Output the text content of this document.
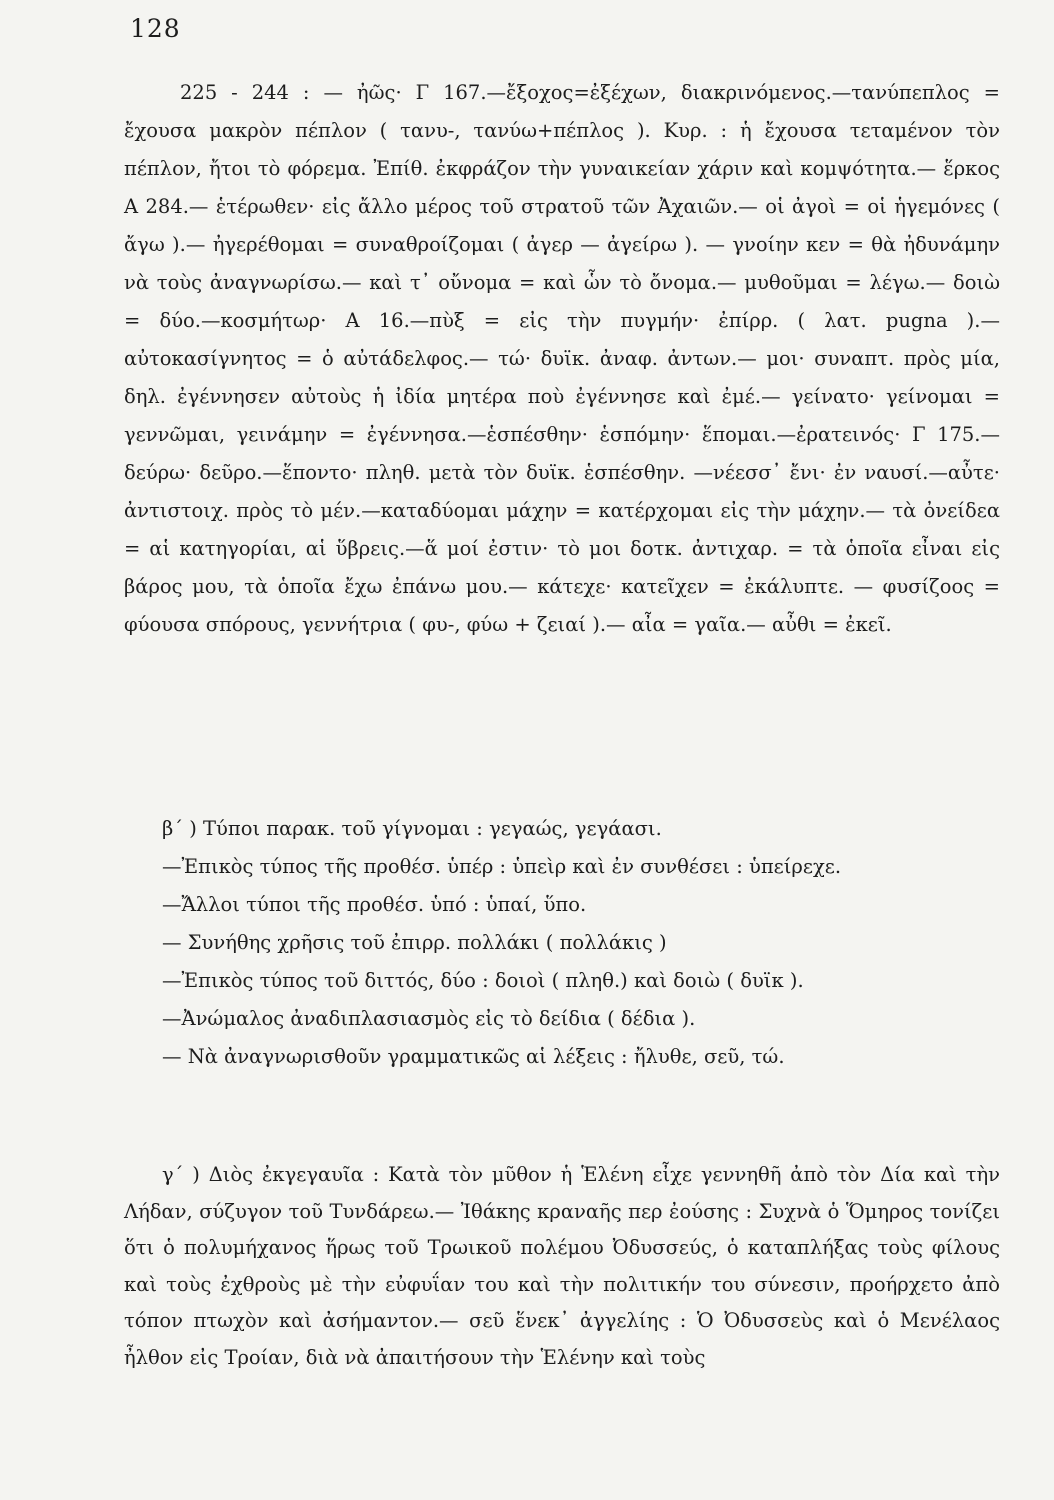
128

225 - 244 : — ἠῶς· Γ 167.—ἔξοχος=ἐξέχων, διακρινόμενος.—τανύπεπλος = ἔχουσα μακρὸν πέπλον ( τανυ-, τανύω+πέπλος ). Κυρ. : ἡ ἔχουσα τεταμένον τὸν πέπλον, ἤτοι τὸ φόρεμα. Ἐπίθ. ἐκφράζον τὴν γυναικείαν χάριν καὶ κομψότητα.— ἕρκος Α 284.— ἑτέρωθεν· εἰς ἄλλο μέρος τοῦ στρατοῦ τῶν Ἀχαιῶν.— οἱ ἀγοὶ = οἱ ἡγεμόνες ( ἄγω ).— ἠγερέθομαι = συναθροίζομαι ( ἀγερ — ἀγείρω ). — γνοίην κεν = θὰ ἠδυνάμην νὰ τοὺς ἀναγνωρίσω.— καὶ τ᾽ οὔνομα = καὶ ὧν τὸ ὄνομα.— μυθοῦμαι = λέγω.— δοιὼ = δύο.—κοσμήτωρ· Α 16.—πὺξ = εἰς τὴν πυγμήν· ἐπίρρ. ( λατ. pugna ).— αὐτοκασίγνητος = ὁ αὐτάδελφος.— τώ· δυϊκ. ἀναφ. ἀντων.— μοι· συναπτ. πρὸς μία, δηλ. ἐγέννησεν αὐτοὺς ἡ ἰδία μητέρα ποὺ ἐγέννησε καὶ ἐμέ.— γείνατο· γείνομαι = γεννῶμαι, γεινάμην = ἐγέννησα.—ἑσπέσθην· ἑσπόμην· ἕπομαι.—ἐρατεινός· Γ 175.—δεύρω· δεῦρο.—ἕποντο· πληθ. μετὰ τὸν δυϊκ. ἑσπέσθην. —νέεσσ᾽ ἔνι· ἐν ναυσί.—αὖτε· ἀντιστοιχ. πρὸς τὸ μέν.—καταδύομαι μάχην = κατέρχομαι εἰς τὴν μάχην.— τὰ ὀνείδεα = αἱ κατηγορίαι, αἱ ὕβρεις.—ἅ μοί ἐστιν· τὸ μοι δοτκ. ἀντιχαρ. = τὰ ὁποῖα εἶναι εἰς βάρος μου, τὰ ὁποῖα ἔχω ἐπάνω μου.— κάτεχε· κατεῖχεν = ἐκάλυπτε. — φυσίζοος = φύουσα σπόρους, γεννήτρια ( φυ-, φύω + ζειαί ).— αἶα = γαῖα.— αὖθι = ἐκεῖ.

β΄ ) Τύποι παρακ. τοῦ γίγνομαι : γεγαώς, γεγάασι.

—Ἐπικὸς τύπος τῆς προθέσ. ὑπέρ : ὑπεὶρ καὶ ἐν συνθέσει : ὑπείρεχε.

—Ἄλλοι τύποι τῆς προθέσ. ὑπό : ὑπαί, ὕπο.

— Συνήθης χρῆσις τοῦ ἐπιρρ. πολλάκι ( πολλάκις )

—Ἐπικὸς τύπος τοῦ διττός, δύο : δοιοὶ ( πληθ.) καὶ δοιὼ ( δυϊκ ).

—Ἀνώμαλος ἀναδιπλασιασμὸς εἰς τὸ δείδια ( δέδια ).

— Νὰ ἀναγνωρισθοῦν γραμματικῶς αἱ λέξεις : ἤλυθε, σεῦ, τώ.

γ΄ ) Διὸς ἐκγεγαυῖα : Κατὰ τὸν μῦθον ἡ Ἑλένη εἶχε γεννηθῆ ἀπὸ τὸν Δία καὶ τὴν Λήδαν, σύζυγον τοῦ Τυνδάρεω.— Ἰθάκης κραναῆς περ ἐούσης : Συχνὰ ὁ Ὅμηρος τονίζει ὅτι ὁ πολυμήχανος ἥρως τοῦ Τρωικοῦ πολέμου Ὀδυσσεύς, ὁ καταπλήξας τοὺς φίλους καὶ τοὺς ἐχθροὺς μὲ τὴν εὐφυΐαν του καὶ τὴν πολιτικήν του σύνεσιν, προήρχετο ἀπὸ τόπον πτωχὸν καὶ ἀσήμαντον.— σεῦ ἕνεκ᾽ ἀγγελίης : Ὁ Ὀδυσσεὺς καὶ ὁ Μενέλαος ἦλθον εἰς Τροίαν, διὰ νὰ ἀπαιτήσουν τὴν Ἑλένην καὶ τοὺς
